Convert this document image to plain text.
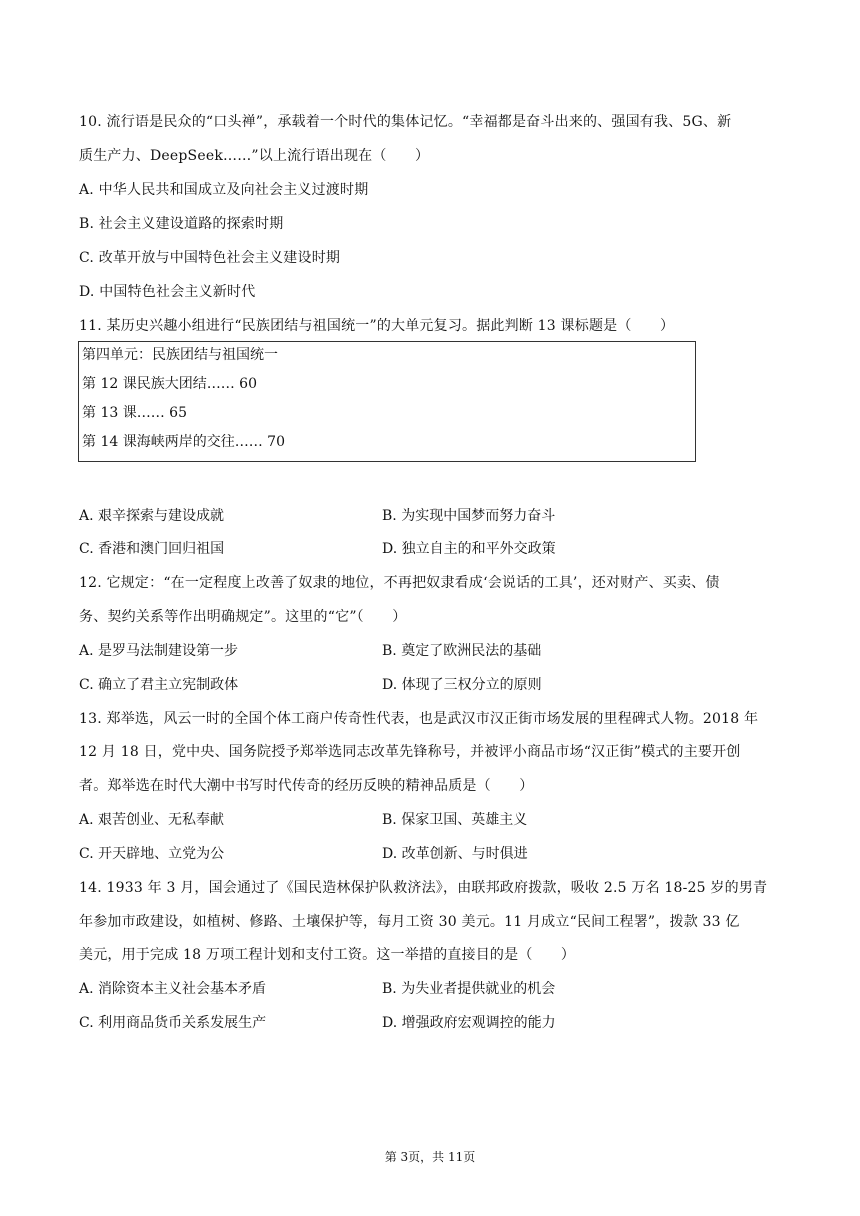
10. 流行语是民众的“口头禅”，承载着一个时代的集体记忆。“幸福都是奋斗出来的、强国有我、5G、新
质生产力、DeepSeek……”以上流行语出现在（　　）
A. 中华人民共和国成立及向社会主义过渡时期
B. 社会主义建设道路的探索时期
C. 改革开放与中国特色社会主义建设时期
D. 中国特色社会主义新时代
11. 某历史兴趣小组进行“民族团结与祖国统一”的大单元复习。据此判断 13 课标题是（　　）
第四单元：民族团结与祖国统一
第 12 课民族大团结…… 60
第 13 课…… 65
第 14 课海峡两岸的交往…… 70
A. 艰辛探索与建设成就	B. 为实现中国梦而努力奋斗
C. 香港和澳门回归祖国	D. 独立自主的和平外交政策
12. 它规定：“在一定程度上改善了奴隶的地位，不再把奴隶看成‘会说话的工具’，还对财产、买卖、债
务、契约关系等作出明确规定”。这里的“它”（　　）
A. 是罗马法制建设第一步	B. 奠定了欧洲民法的基础
C. 确立了君主立宪制政体	D. 体现了三权分立的原则
13. 郑举选，风云一时的全国个体工商户传奇性代表，也是武汉市汉正街市场发展的里程碑式人物。2018 年
12 月 18 日，党中央、国务院授予郑举选同志改革先锋称号，并被评小商品市场“汉正街”模式的主要开创
者。郑举选在时代大潮中书写时代传奇的经历反映的精神品质是（　　）
A. 艰苦创业、无私奉献	B. 保家卫国、英雄主义
C. 开天辟地、立党为公	D. 改革创新、与时俱进
14. 1933 年 3 月，国会通过了《国民造林保护队救济法》，由联邦政府拨款，吸收 2.5 万名 18-25 岁的男青
年参加市政建设，如植树、修路、土壤保护等，每月工资 30 美元。11 月成立“民间工程署”，拨款 33 亿
美元，用于完成 18 万项工程计划和支付工资。这一举措的直接目的是（　　）
A. 消除资本主义社会基本矛盾	B. 为失业者提供就业的机会
C. 利用商品货币关系发展生产	D. 增强政府宏观调控的能力
第 3页，共 11页
